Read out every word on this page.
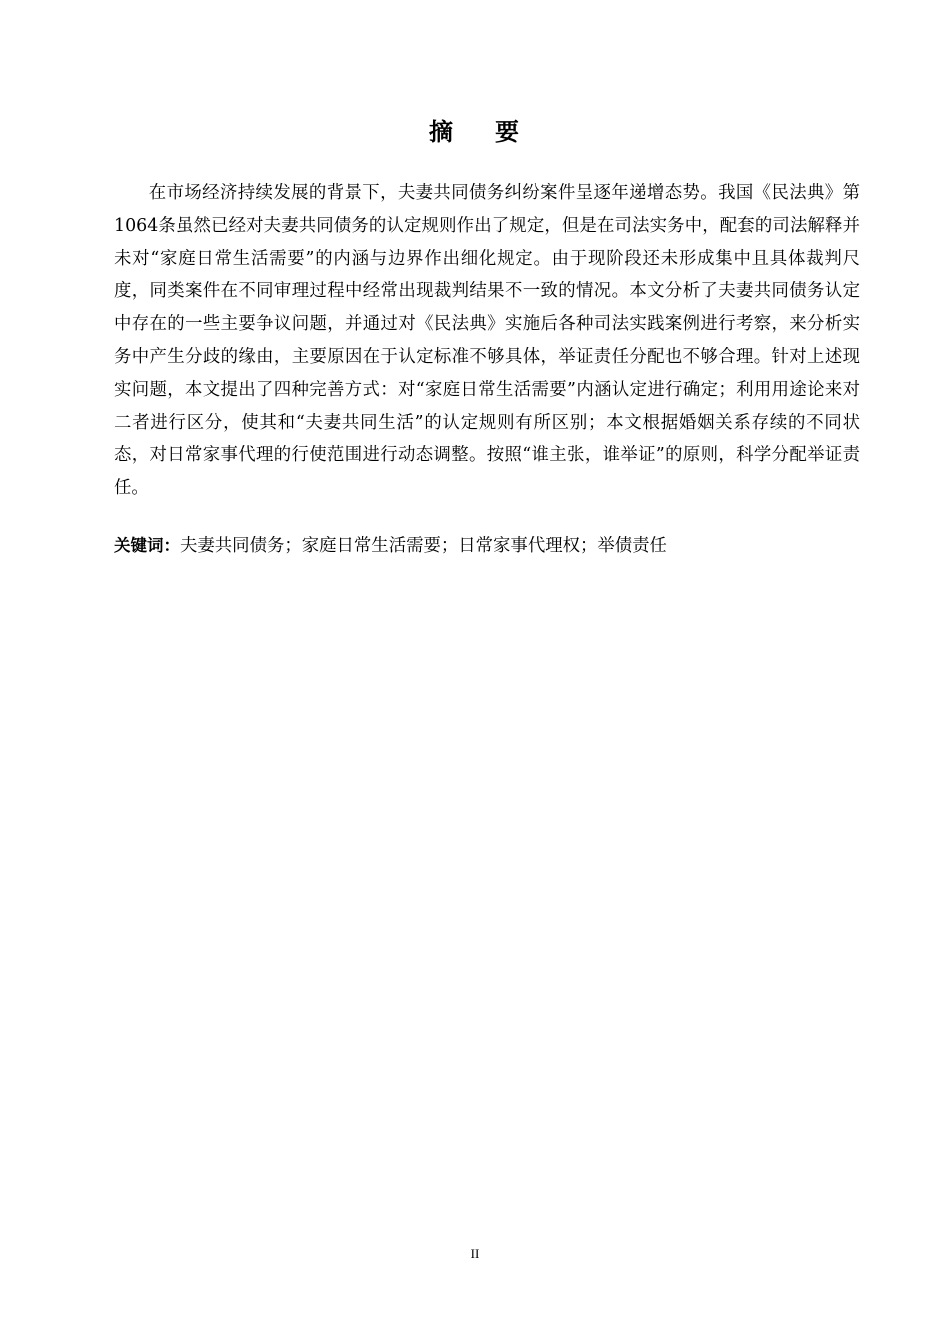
摘 要

在市场经济持续发展的背景下，夫妻共同债务纠纷案件呈逐年递增态势。我国《民法典》第1064条虽然已经对夫妻共同债务的认定规则作出了规定，但是在司法实务中，配套的司法解释并未对“家庭日常生活需要”的内涵与边界作出细化规定。由于现阶段还未形成集中且具体裁判尺度，同类案件在不同审理过程中经常出现裁判结果不一致的情况。本文分析了夫妻共同债务认定中存在的一些主要争议问题，并通过对《民法典》实施后各种司法实践案例进行考察，来分析实务中产生分歧的缘由，主要原因在于认定标准不够具体，举证责任分配也不够合理。针对上述现实问题，本文提出了四种完善方式：对“家庭日常生活需要”内涵认定进行确定；利用用途论来对二者进行区分，使其和“夫妻共同生活”的认定规则有所区别；本文根据婚姻关系存续的不同状态，对日常家事代理的行使范围进行动态调整。按照“谁主张，谁举证”的原则，科学分配举证责任。

关键词：夫妻共同债务；家庭日常生活需要；日常家事代理权；举债责任

II
